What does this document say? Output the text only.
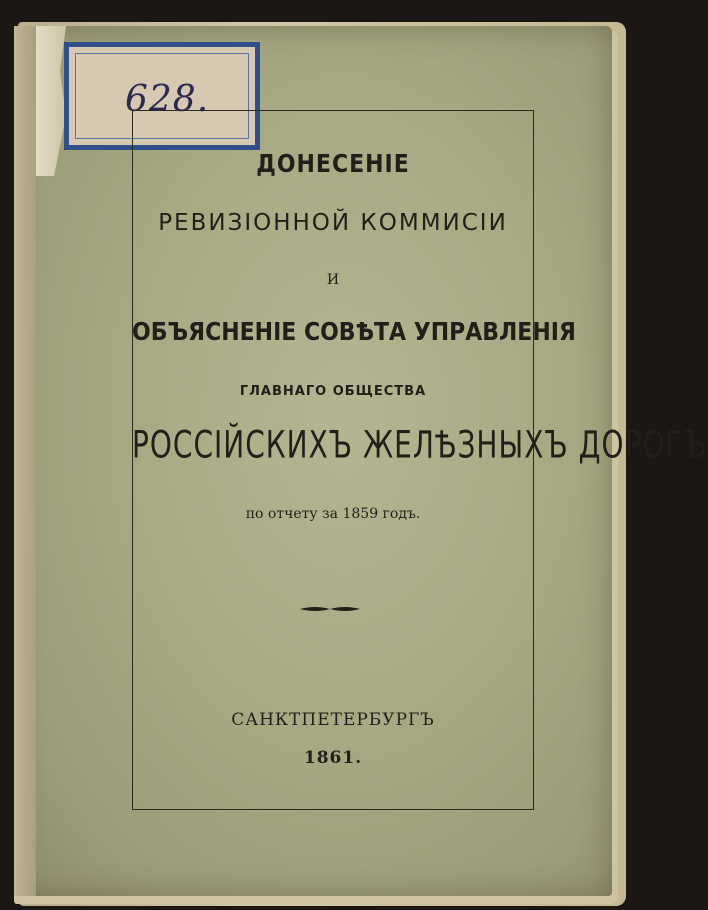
628.
ДОНЕСЕНІЕ
РЕВИЗІОННОЙ КОММИСІИ
И
ОБЪЯСНЕНІЕ СОВѢТА УПРАВЛЕНІЯ
ГЛАВНАГО ОБЩЕСТВА
РОССІЙСКИХЪ ЖЕЛѢЗНЫХЪ ДОРОГЪ
по отчету за 1859 годъ.
САНКТПЕТЕРБУРГЪ
1861.
